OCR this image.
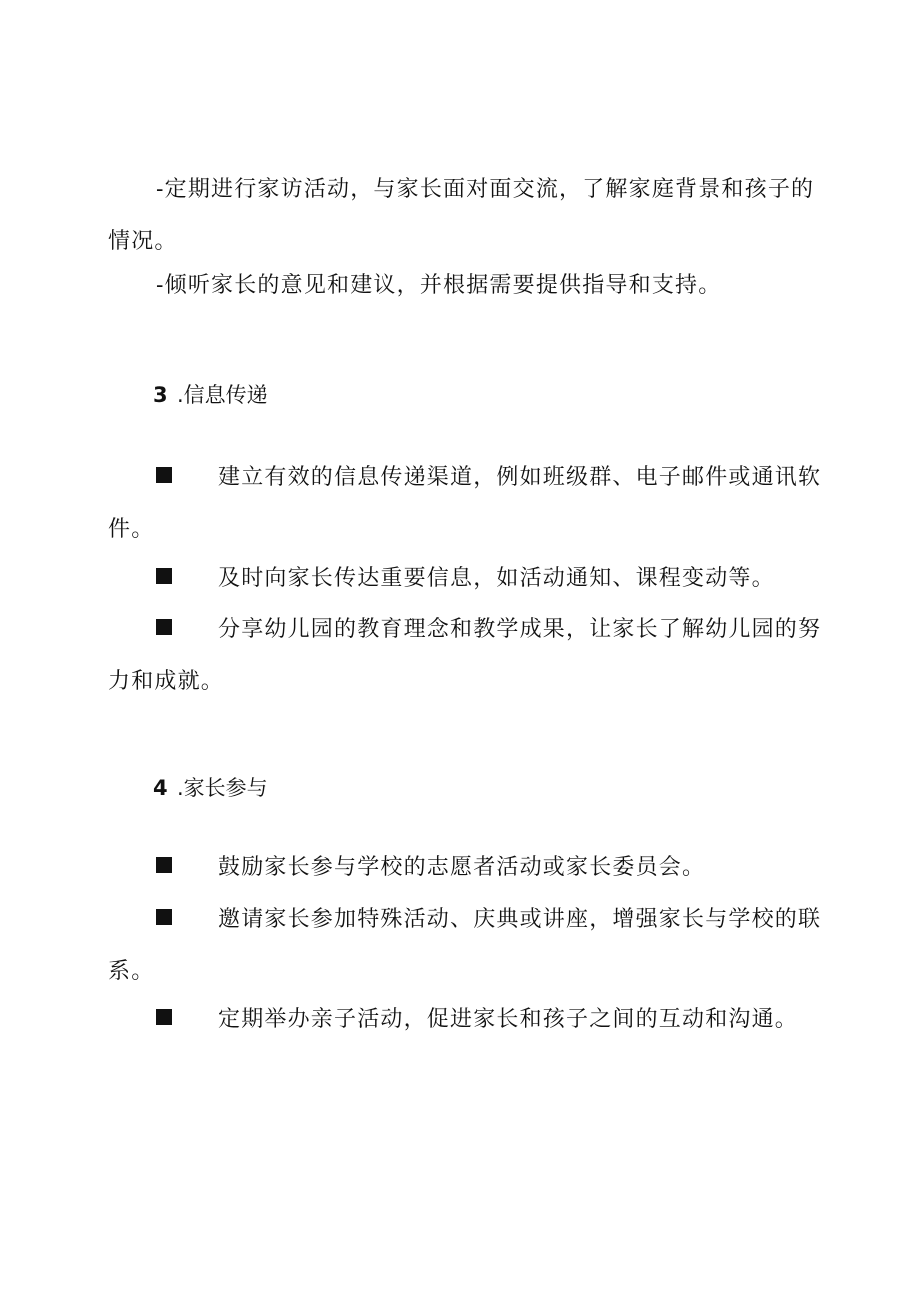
-定期进行家访活动，与家长面对面交流，了解家庭背景和孩子的情况。

-倾听家长的意见和建议，并根据需要提供指导和支持。

3 .信息传递

建立有效的信息传递渠道，例如班级群、电子邮件或通讯软件。

及时向家长传达重要信息，如活动通知、课程变动等。

分享幼儿园的教育理念和教学成果，让家长了解幼儿园的努力和成就。

4 .家长参与

鼓励家长参与学校的志愿者活动或家长委员会。

邀请家长参加特殊活动、庆典或讲座，增强家长与学校的联系。

定期举办亲子活动，促进家长和孩子之间的互动和沟通。
